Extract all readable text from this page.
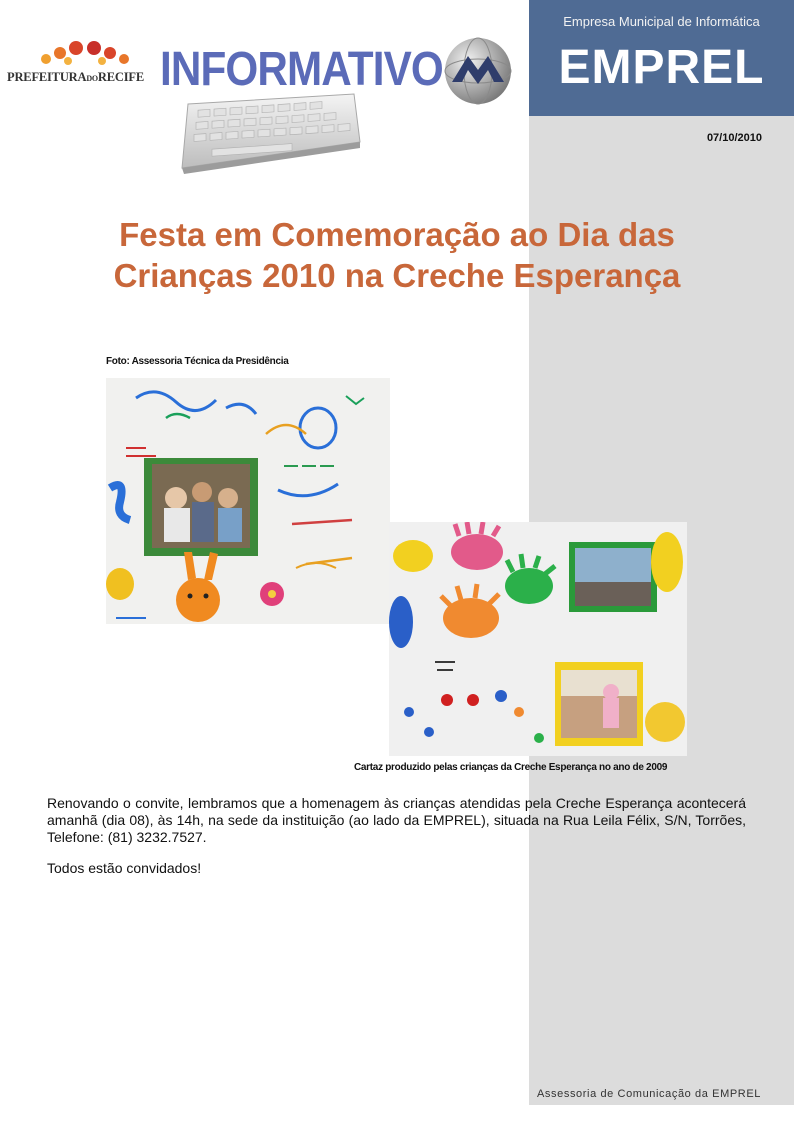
Empresa Municipal de Informática
EMPREL
07/10/2010
PREFEITURADORECIFE INFORMATIVO
Festa em Comemoração ao Dia das
Crianças 2010 na Creche Esperança
Foto: Assessoria Técnica da Presidência
Cartaz produzido pelas crianças da Creche Esperança no ano de 2009
Renovando o convite, lembramos que a homenagem às crianças atendidas pela Creche Esperança acontecerá amanhã (dia 08), às 14h, na sede da instituição (ao lado da EMPREL), situada na Rua Leila Félix, S/N, Torrões, Telefone: (81) 3232.7527.
Todos estão convidados!
Assessoria de Comunicação da EMPREL
